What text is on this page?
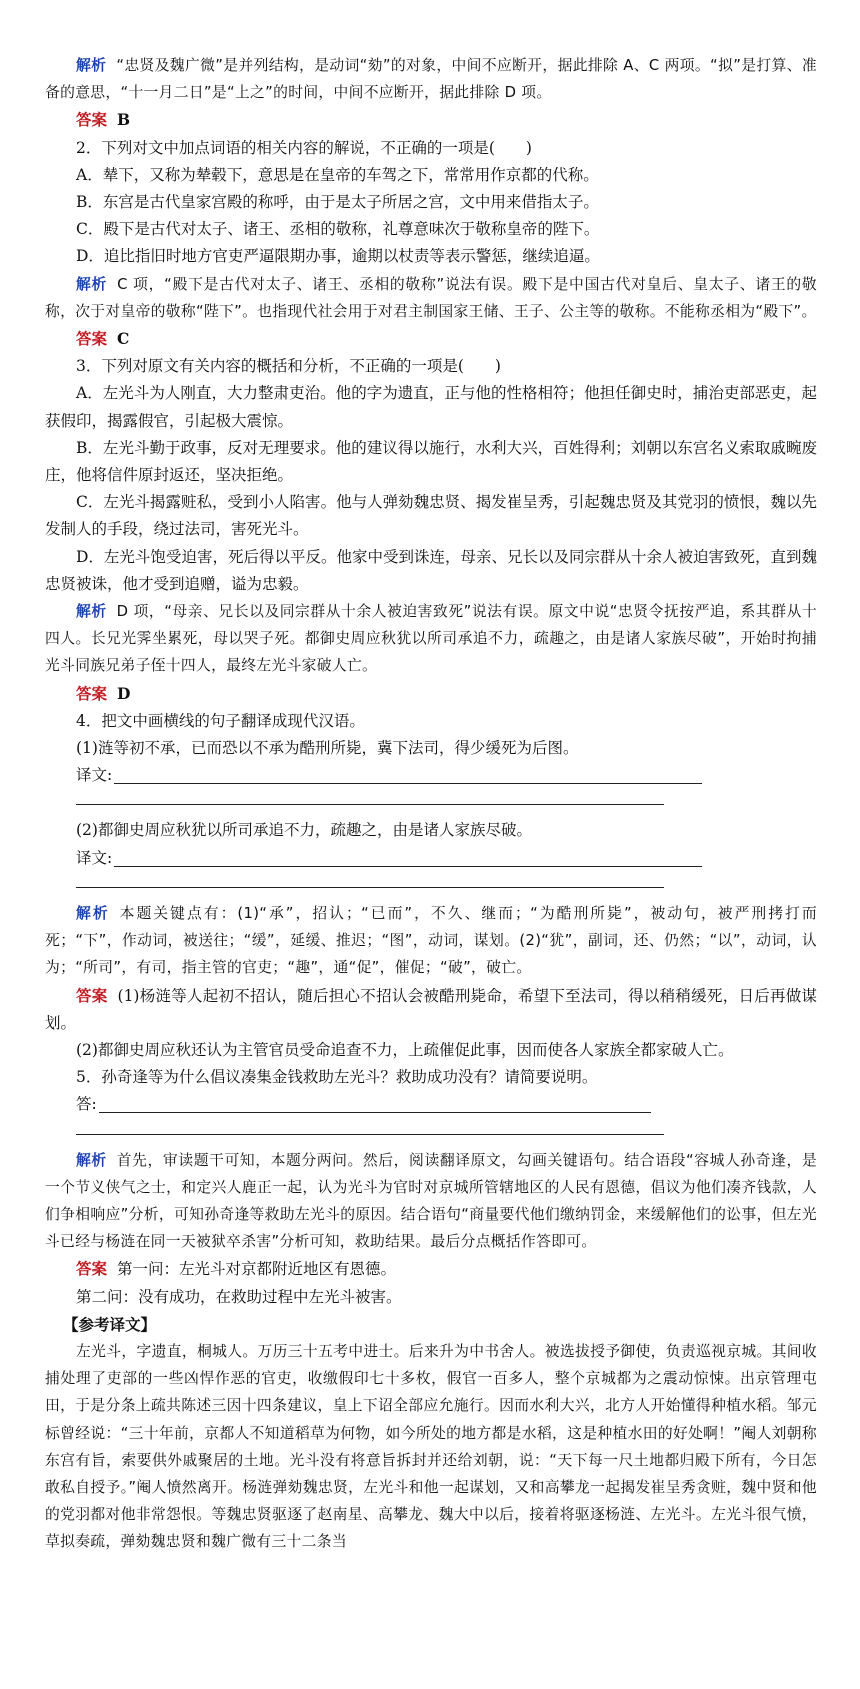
解析 “忠贤及魏广微”是并列结构，是动词“劾”的对象，中间不应断开，据此排除 A、C 两项。“拟”是打算、准备的意思，“十一月二日”是“上之”的时间，中间不应断开，据此排除 D 项。

答案 B

2．下列对文中加点词语的相关内容的解说，不正确的一项是(　　)

A．辇下，又称为辇毂下，意思是在皇帝的车驾之下，常常用作京都的代称。

B．东宫是古代皇家宫殿的称呼，由于是太子所居之宫，文中用来借指太子。

C．殿下是古代对太子、诸王、丞相的敬称，礼尊意味次于敬称皇帝的陛下。

D．追比指旧时地方官吏严逼限期办事，逾期以杖责等表示警惩，继续追逼。

解析 C 项，“殿下是古代对太子、诸王、丞相的敬称”说法有误。殿下是中国古代对皇后、皇太子、诸王的敬称，次于对皇帝的敬称“陛下”。也指现代社会用于对君主制国家王储、王子、公主等的敬称。不能称丞相为“殿下”。

答案 C

3．下列对原文有关内容的概括和分析，不正确的一项是(　　)

A．左光斗为人刚直，大力整肃吏治。他的字为遗直，正与他的性格相符；他担任御史时，捕治吏部恶吏，起获假印，揭露假官，引起极大震惊。

B．左光斗勤于政事，反对无理要求。他的建议得以施行，水利大兴，百姓得利；刘朝以东宫名义索取戚畹废庄，他将信件原封返还，坚决拒绝。

C．左光斗揭露赃私，受到小人陷害。他与人弹劾魏忠贤、揭发崔呈秀，引起魏忠贤及其党羽的愤恨，魏以先发制人的手段，绕过法司，害死光斗。

D．左光斗饱受迫害，死后得以平反。他家中受到诛连，母亲、兄长以及同宗群从十余人被迫害致死，直到魏忠贤被诛，他才受到追赠，谥为忠毅。

解析 D 项，“母亲、兄长以及同宗群从十余人被迫害致死”说法有误。原文中说“忠贤令抚按严追，系其群从十四人。长兄光霁坐累死，母以哭子死。都御史周应秋犹以所司承追不力，疏趣之，由是诸人家族尽破”，开始时拘捕光斗同族兄弟子侄十四人，最终左光斗家破人亡。

答案 D

4．把文中画横线的句子翻译成现代汉语。

(1)涟等初不承，已而恐以不承为酷刑所毙，冀下法司，得少缓死为后图。

译文:

(2)都御史周应秋犹以所司承追不力，疏趣之，由是诸人家族尽破。

译文:

解析 本题关键点有：(1)“承”，招认；“已而”，不久、继而；“为酷刑所毙”，被动句，被严刑拷打而死；“下”，作动词，被送往；“缓”，延缓、推迟；“图”，动词，谋划。(2)“犹”，副词，还、仍然；“以”，动词，认为；“所司”，有司，指主管的官吏；“趣”，通“促”，催促；“破”，破亡。

答案 (1)杨涟等人起初不招认，随后担心不招认会被酷刑毙命，希望下至法司，得以稍稍缓死，日后再做谋划。

(2)都御史周应秋还认为主管官员受命追查不力，上疏催促此事，因而使各人家族全都家破人亡。

5．孙奇逢等为什么倡议凑集金钱救助左光斗？救助成功没有？请简要说明。

答:

解析 首先，审读题干可知，本题分两问。然后，阅读翻译原文，勾画关键语句。结合语段“容城人孙奇逢，是一个节义侠气之士，和定兴人鹿正一起，认为光斗为官时对京城所管辖地区的人民有恩德，倡议为他们凑齐钱款，人们争相响应”分析，可知孙奇逢等救助左光斗的原因。结合语句“商量要代他们缴纳罚金，来缓解他们的讼事，但左光斗已经与杨涟在同一天被狱卒杀害”分析可知，救助结果。最后分点概括作答即可。

答案 第一问：左光斗对京都附近地区有恩德。

第二问：没有成功，在救助过程中左光斗被害。

【参考译文】

左光斗，字遗直，桐城人。万历三十五考中进士。后来升为中书舍人。被选拔授予御使，负责巡视京城。其间收捕处理了吏部的一些凶悍作恶的官吏，收缴假印七十多枚，假官一百多人，整个京城都为之震动惊悚。出京管理屯田，于是分条上疏共陈述三因十四条建议，皇上下诏全部应允施行。因而水利大兴，北方人开始懂得种植水稻。邹元标曾经说：“三十年前，京都人不知道稻草为何物，如今所处的地方都是水稻，这是种植水田的好处啊！”阉人刘朝称东宫有旨，索要供外戚聚居的土地。光斗没有将意旨拆封并还给刘朝，说：“天下每一尺土地都归殿下所有，今日怎敢私自授予。”阉人愤然离开。杨涟弹劾魏忠贤，左光斗和他一起谋划，又和高攀龙一起揭发崔呈秀贪赃，魏中贤和他的党羽都对他非常怨恨。等魏忠贤驱逐了赵南星、高攀龙、魏大中以后，接着将驱逐杨涟、左光斗。左光斗很气愤，草拟奏疏，弹劾魏忠贤和魏广微有三十二条当
